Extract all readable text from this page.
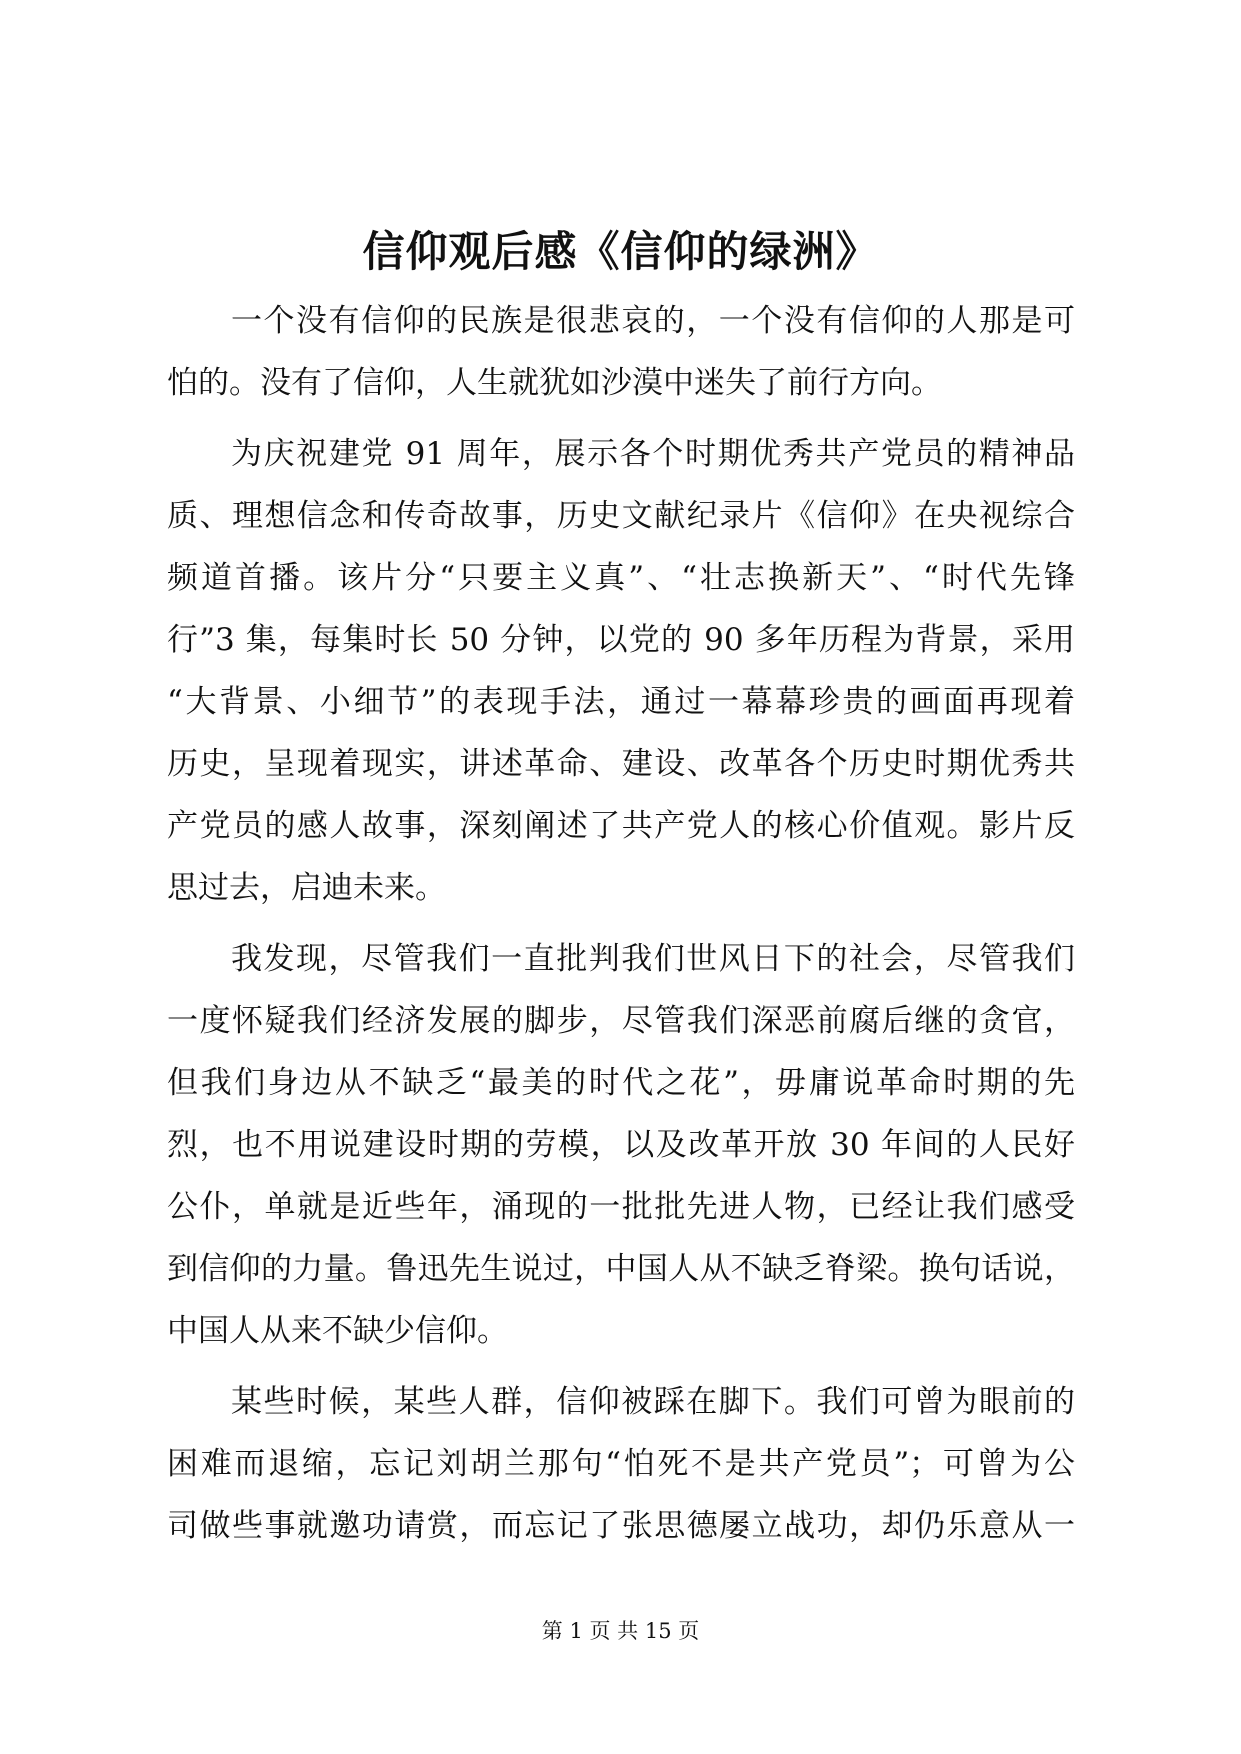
信仰观后感《信仰的绿洲》
一个没有信仰的民族是很悲哀的，一个没有信仰的人那是可
怕的。没有了信仰，人生就犹如沙漠中迷失了前行方向。
为庆祝建党 91 周年，展示各个时期优秀共产党员的精神品
质、理想信念和传奇故事，历史文献纪录片《信仰》在央视综合
频道首播。该片分“只要主义真”、“壮志换新天”、“时代先锋
行”3 集，每集时长 50 分钟，以党的 90 多年历程为背景，采用
“大背景、小细节”的表现手法，通过一幕幕珍贵的画面再现着
历史，呈现着现实，讲述革命、建设、改革各个历史时期优秀共
产党员的感人故事，深刻阐述了共产党人的核心价值观。影片反
思过去，启迪未来。
我发现，尽管我们一直批判我们世风日下的社会，尽管我们
一度怀疑我们经济发展的脚步，尽管我们深恶前腐后继的贪官，
但我们身边从不缺乏“最美的时代之花”，毋庸说革命时期的先
烈，也不用说建设时期的劳模，以及改革开放 30 年间的人民好
公仆，单就是近些年，涌现的一批批先进人物，已经让我们感受
到信仰的力量。鲁迅先生说过，中国人从不缺乏脊梁。换句话说，
中国人从来不缺少信仰。
某些时候，某些人群，信仰被踩在脚下。我们可曾为眼前的
困难而退缩，忘记刘胡兰那句“怕死不是共产党员”；可曾为公
司做些事就邀功请赏，而忘记了张思德屡立战功，却仍乐意从一
第 1 页 共 15 页
